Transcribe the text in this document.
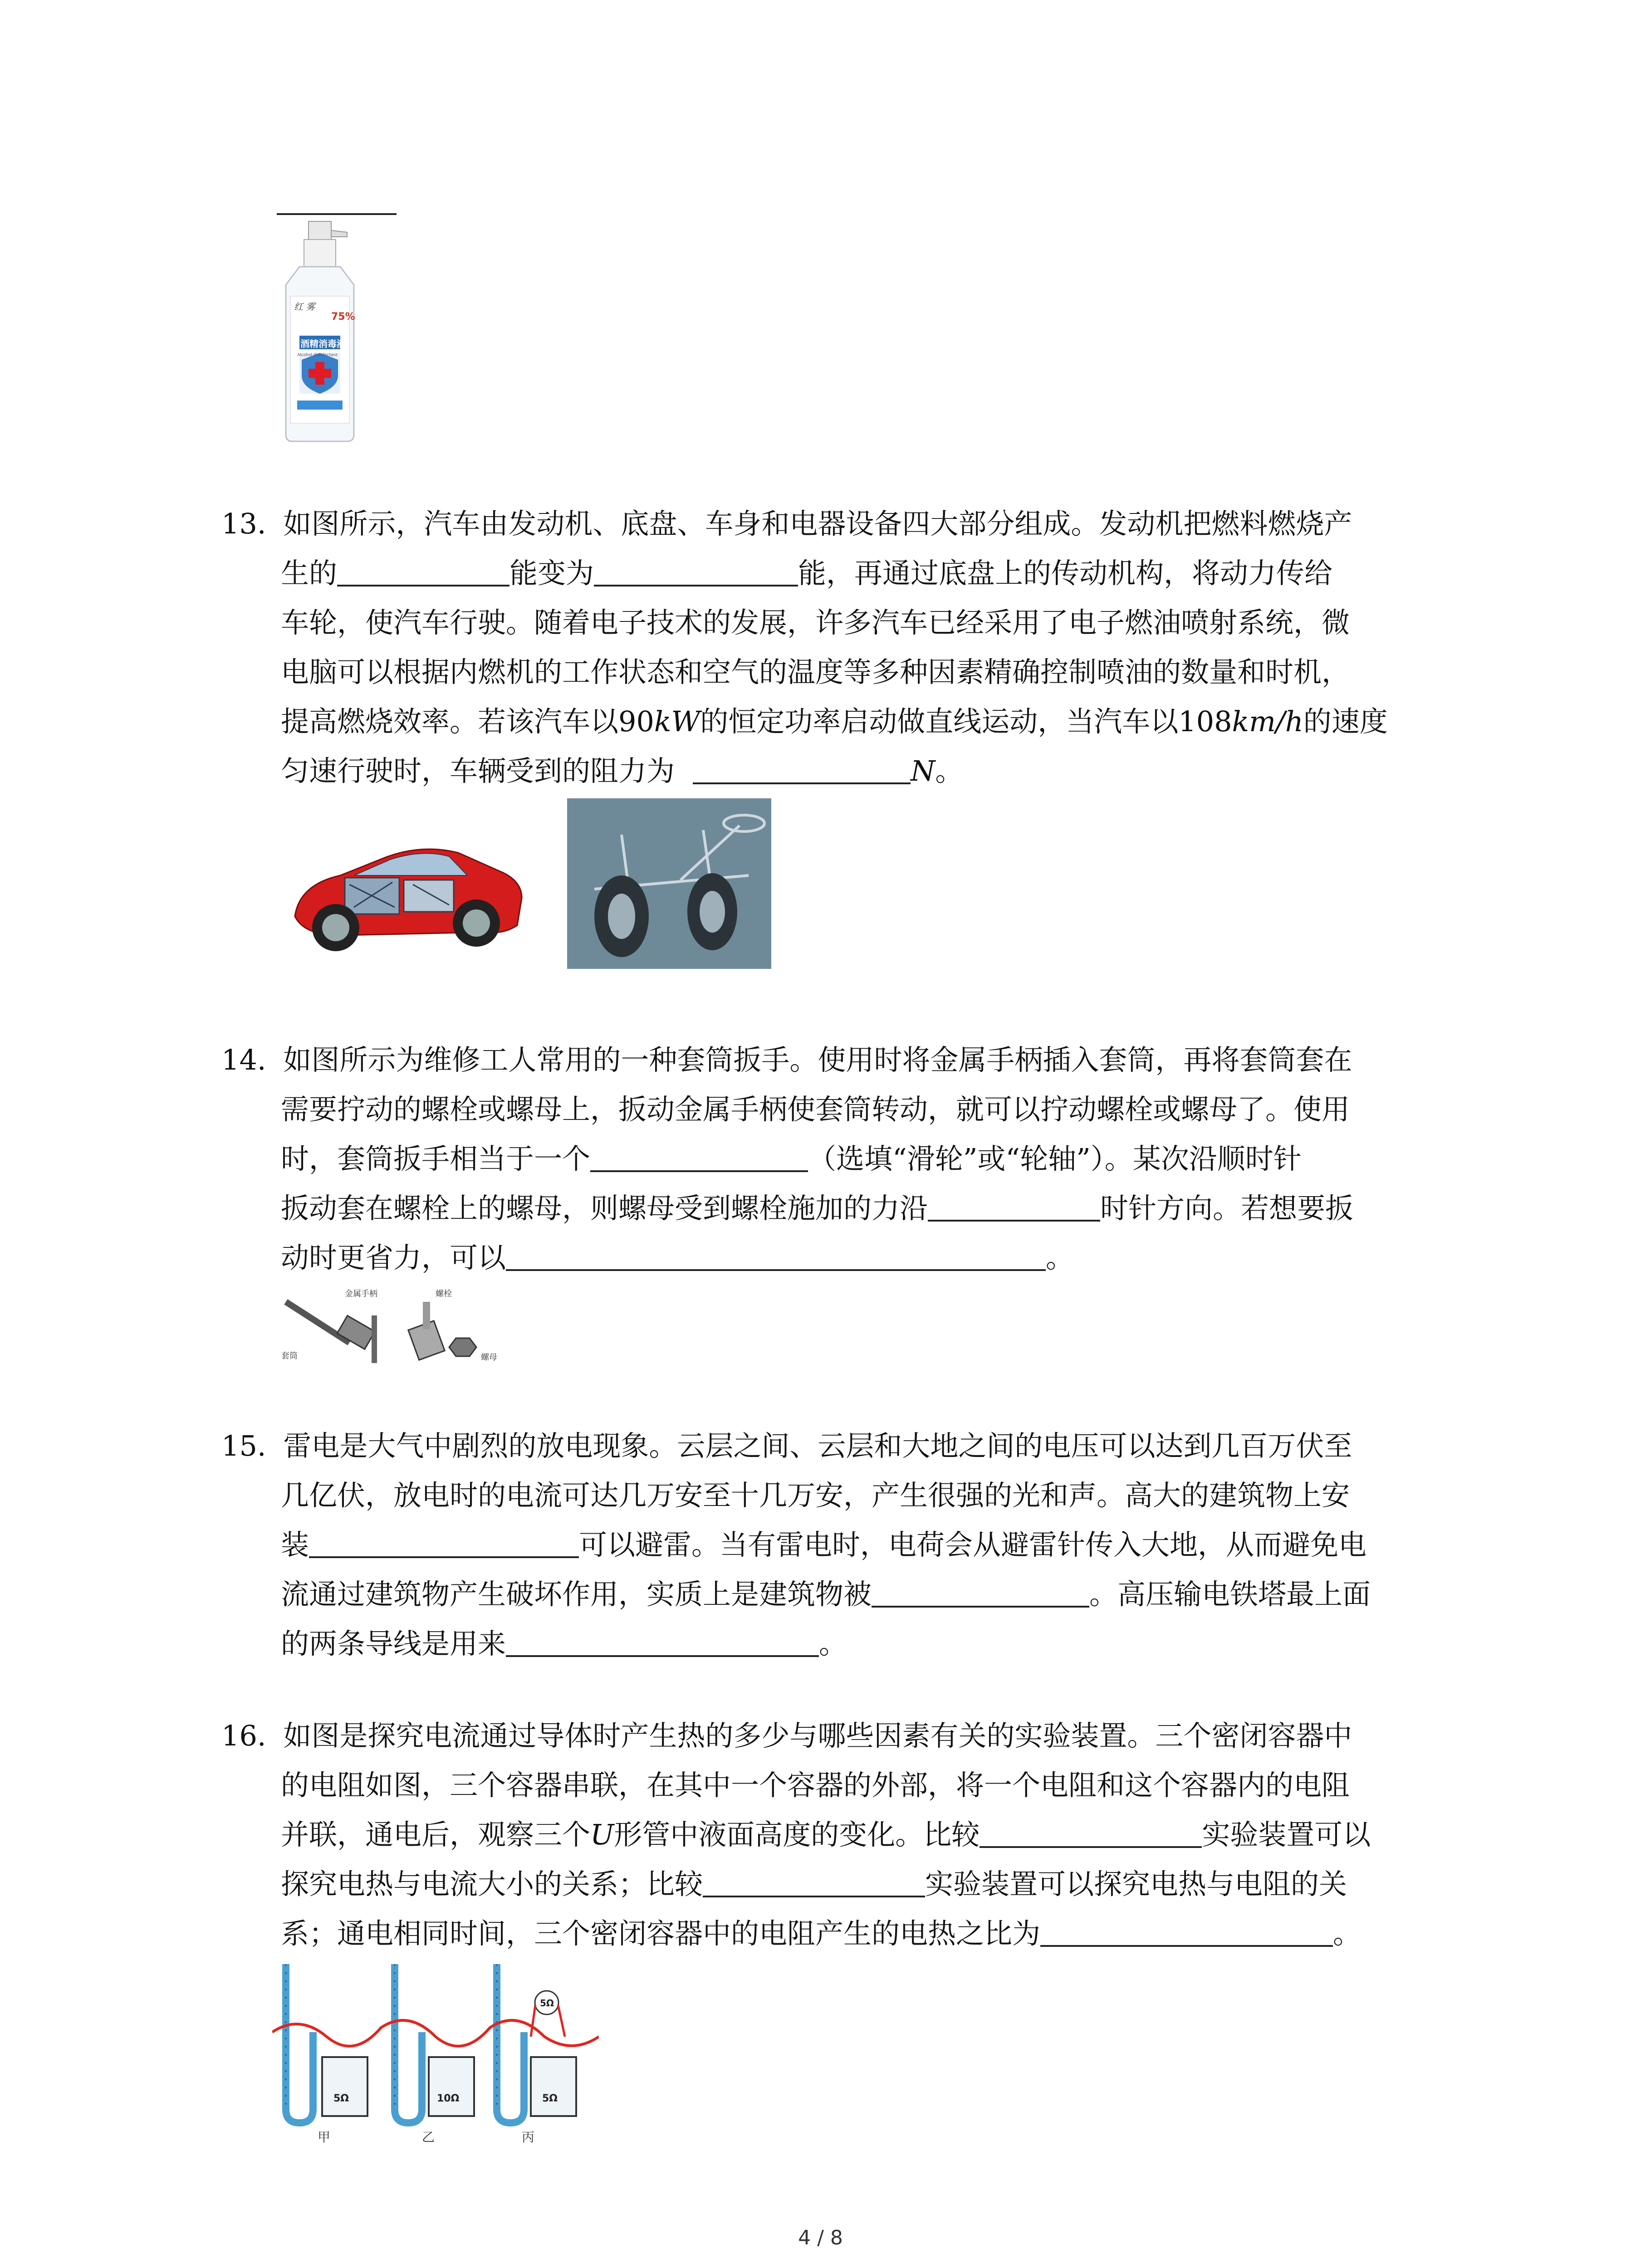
红 雾
75%
酒精消毒液
Alcohol disinfectant
13. 如图所示，汽车由发动机、底盘、车身和电器设备四大部分组成。发动机把燃料燃烧产
生的	能变为	能，再通过底盘上的传动机构，将动力传给
车轮，使汽车行驶。随着电子技术的发展，许多汽车已经采用了电子燃油喷射系统，微
电脑可以根据内燃机的工作状态和空气的温度等多种因素精确控制喷油的数量和时机，
提高燃烧效率。若该汽车以90kW的恒定功率启动做直线运动，当汽车以108km/h的速度
匀速行驶时，车辆受到的阻力为	N。
14. 如图所示为维修工人常用的一种套筒扳手。使用时将金属手柄插入套筒，再将套筒套在
需要拧动的螺栓或螺母上，扳动金属手柄使套筒转动，就可以拧动螺栓或螺母了。使用
时，套筒扳手相当于一个	（选填“滑轮”或“轮轴”）。某次沿顺时针
扳动套在螺栓上的螺母，则螺母受到螺栓施加的力沿	时针方向。若想要扳
动时更省力，可以	。
金属手柄
套筒
螺栓
螺母
15. 雷电是大气中剧烈的放电现象。云层之间、云层和大地之间的电压可以达到几百万伏至
几亿伏，放电时的电流可达几万安至十几万安，产生很强的光和声。高大的建筑物上安
装	可以避雷。当有雷电时，电荷会从避雷针传入大地，从而避免电
流通过建筑物产生破坏作用，实质上是建筑物被	。高压输电铁塔最上面
的两条导线是用来	。
16. 如图是探究电流通过导体时产生热的多少与哪些因素有关的实验装置。三个密闭容器中
的电阻如图，三个容器串联，在其中一个容器的外部，将一个电阻和这个容器内的电阻
并联，通电后，观察三个U形管中液面高度的变化。比较	实验装置可以
探究电热与电流大小的关系；比较	实验装置可以探究电热与电阻的关
系；通电相同时间，三个密闭容器中的电阻产生的电热之比为	。
5Ω	10Ω	5Ω
5Ω
甲	乙	丙
4 / 8
